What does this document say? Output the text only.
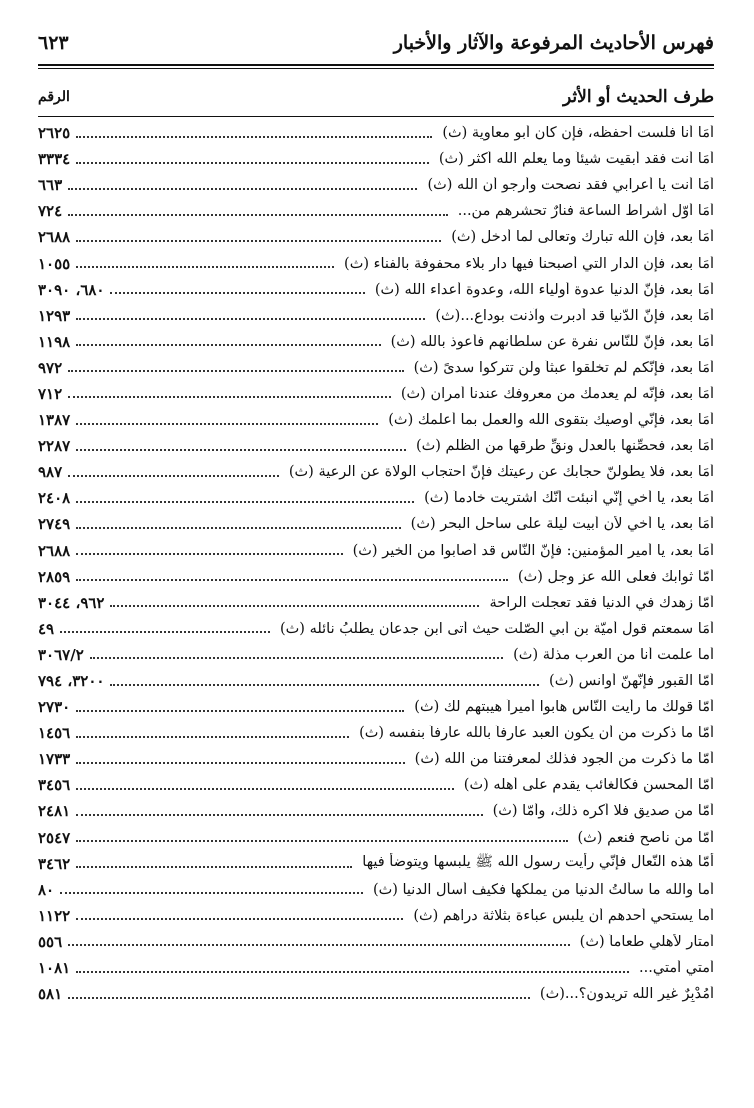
فهرس الأحاديث المرفوعة والآثار والأخبار
٦٢٣
طرف الحديث أو الأثر
الرقم
أمَا أنا فلست أحفظه، فإن كان أبو معاوية (ث)
٢٦٢٥
أمَا أنت فقد أبقيت شيئاً وما يعلم الله أكثر (ث)
٣٣٣٤
أمَا أنت يا أعرابي فقد نصحت وأرجو أن الله (ث)
٦٦٣
أمَا أوّل أشراط الساعة فنارٌ تحشرهم من...
٧٢٤
أمَا بعد، فإن الله تبارك وتعالى لما أدخل (ث)
٢٦٨٨
أمَا بعد، فإن الدار التي أصبحنا فيها دار بلاء محفوفة بالفناء (ث)
١٠٥٥
أمَا بعد، فإنّ الدنيا عدوة أولياء الله، وعدوة أعداء الله (ث)
٦٨٠، ٣٠٩٠
أمَا بعد، فإنّ الدّنيا قد أدبرت وآذنت بوداع...(ث)
١٢٩٣
أمَا بعد، فإنّ للنّاس نفرة عن سلطانهم فأعوذ بالله (ث)
١١٩٨
أمَا بعد، فإنّكم لم تخلقوا عبثاً ولن تتركوا سدىً (ث)
٩٧٢
أمَا بعد، فإنّه لم يعدمك من معروفك عندنا أمران (ث)
٧١٢
أمَا بعد، فإنّي أوصيك بتقوى الله والعمل بما أعلمك (ث)
١٣٨٧
أمَا بعد، فحصِّنها بالعدل ونقِّ طرقها من الظلم (ث)
٢٢٨٧
أمَا بعد، فلا يطولنّ حجابك عن رعيتك فإنّ احتجاب الولاة عن الرعية (ث)
٩٨٧
أمَا بعد، يا أخي إنّي أُنبئت أنّك اشتريت خادماً (ث)
٢٤٠٨
أمَا بعد، يا أخي لأن أبيت ليلة على ساحل البحر (ث)
٢٧٤٩
أمَا بعد، يا أمير المؤمنين: فإنّ النّاس قد أصابوا من الخير (ث)
٢٦٨٨
أمّا ثوابك فعلى الله عز وجل (ث)
٢٨٥٩
أمّا زهدك في الدنيا فقد تعجلت الراحة
٩٦٢، ٣٠٤٤
أمَا سمعتم قول أميّة بن أبي الصّلت حيث أتى ابن جدعان يطلبُ نائله (ث)
٤٩
أما علمت أنا من العرب مذلة (ث)
٣٠٦٧/٢
أمّا القبور فإنّهنّ أوانس (ث)
٣٢٠٠، ٧٩٤
أمّا قولك ما رأيت النّاس هابوا أميراً هيبتهم لك (ث)
٢٧٣٠
أمّا ما ذكرت من أن يكون العبد عارفاً بالله عارفاً بنفسه (ث)
١٤٥٦
أمّا ما ذكرت من الجود فذلك لمعرفتنا من الله (ث)
١٧٣٣
أمّا المحسن فكالغائب يقدم على أهله (ث)
٣٤٥٦
أمّا من صديق فلا أكره ذلك، وأمّا (ث)
٢٤٨١
أمّا من ناصح فنعم (ث)
٢٥٤٧
أمّا هذه النّعال فإنّي رأيت رسول الله ﷺ يلبسها ويتوضأ فيها
٣٤٦٢
أما والله ما سألتُ الدنيا من يملكها فكيف أسأل الدنيا (ث)
٨٠
أما يستحي أحدهم أن يلبس عباءة بثلاثة دراهم (ث)
١١٢٢
أمتار لأهلي طعاماً (ث)
٥٥٦
أمتي أمتي...
١٠٨١
أَمُدْبِرٌ غير الله تريدون؟...(ث)
٥٨١
